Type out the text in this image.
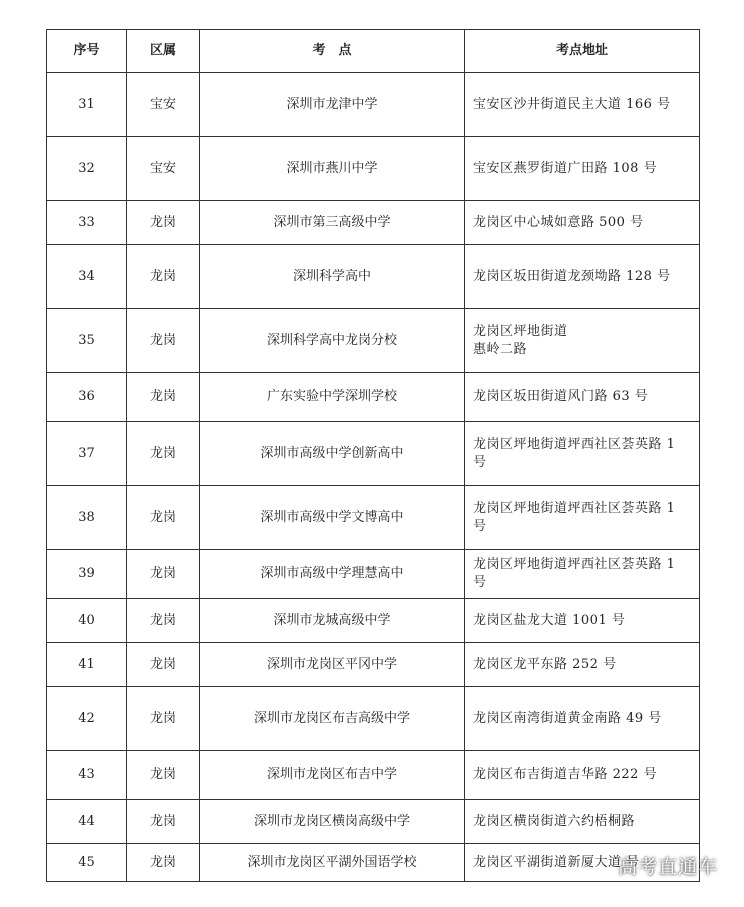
序号	区属	考　点	考点地址
31	宝安	深圳市龙津中学	宝安区沙井街道民主大道 166 号

32	宝安	深圳市燕川中学	宝安区燕罗街道广田路 108 号

33	龙岗	深圳市第三高级中学	龙岗区中心城如意路 500 号

34	龙岗	深圳科学高中	龙岗区坂田街道龙颈坳路 128 号

35	龙岗	深圳科学高中龙岗分校	龙岗区坪地街道
惠岭二路

36	龙岗	广东实验中学深圳学校	龙岗区坂田街道风门路 63 号

37	龙岗	深圳市高级中学创新高中	龙岗区坪地街道坪西社区荟英路 1
号

38	龙岗	深圳市高级中学文博高中	龙岗区坪地街道坪西社区荟英路 1
号

39	龙岗	深圳市高级中学理慧高中	龙岗区坪地街道坪西社区荟英路 1
号

40	龙岗	深圳市龙城高级中学	龙岗区盐龙大道 1001 号

41	龙岗	深圳市龙岗区平冈中学	龙岗区龙平东路 252 号

42	龙岗	深圳市龙岗区布吉高级中学	龙岗区南湾街道黄金南路 49 号

43	龙岗	深圳市龙岗区布吉中学	龙岗区布吉街道吉华路 222 号

44	龙岗	深圳市龙岗区横岗高级中学	龙岗区横岗街道六约梧桐路

45	龙岗	深圳市龙岗区平湖外国语学校	龙岗区平湖街道新厦大道 号
高考直通车
